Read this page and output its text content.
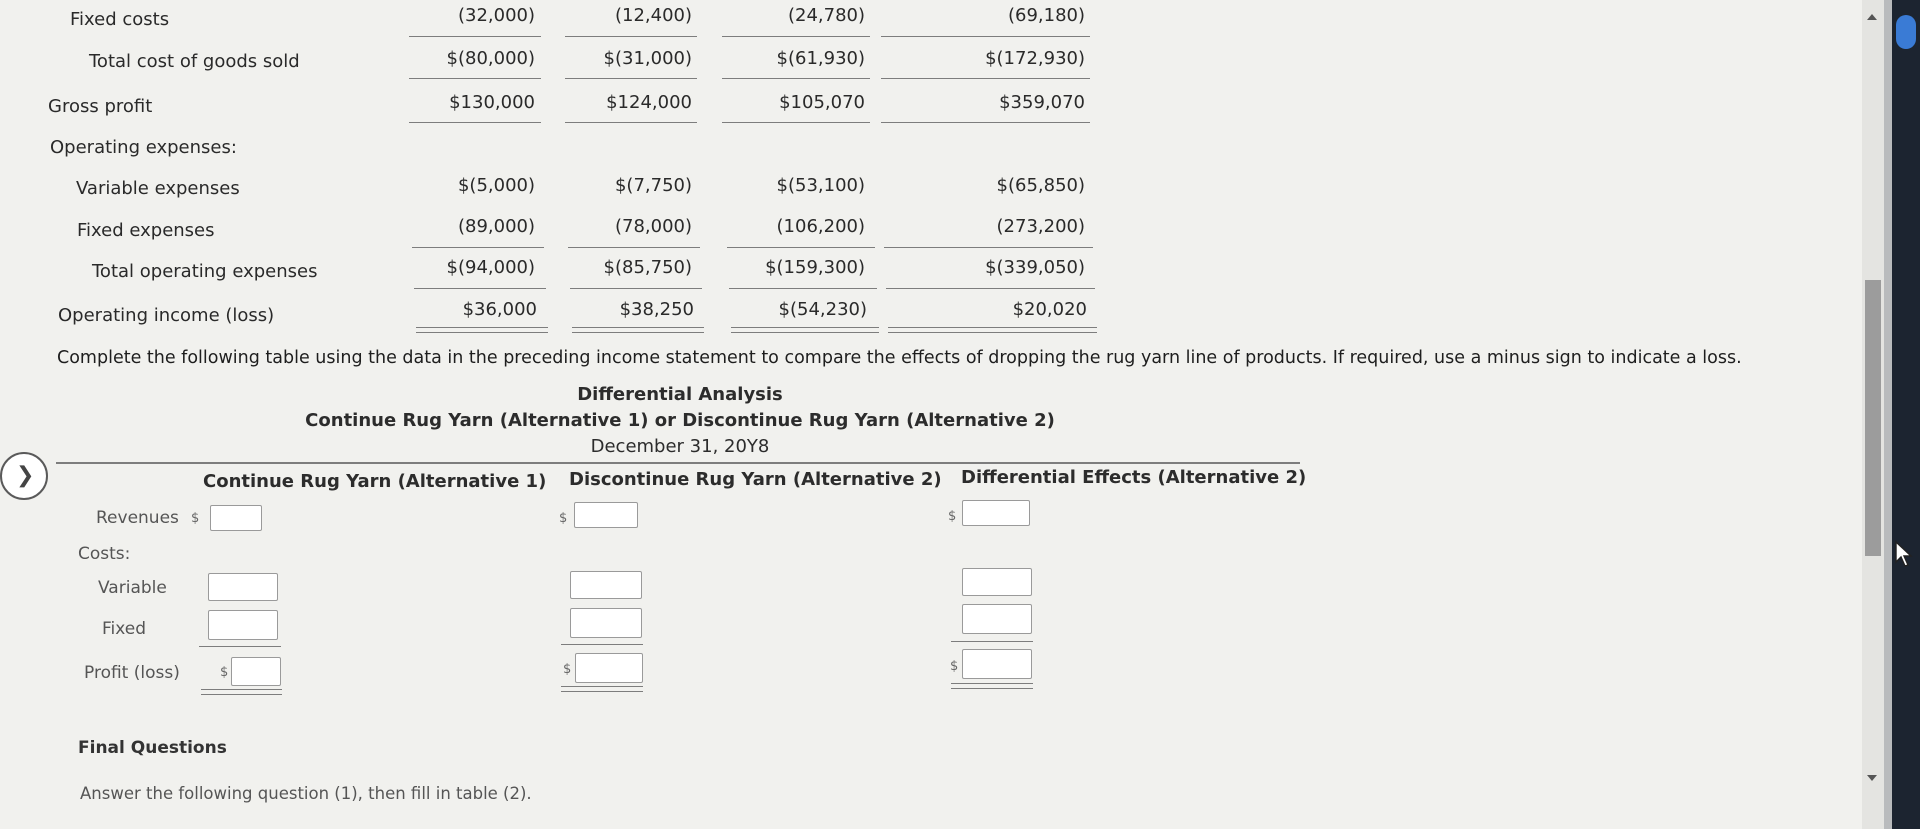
Fixed costs	(32,000)	(12,400)	(24,780)	(69,180)
Total cost of goods sold	$(80,000)	$(31,000)	$(61,930)	$(172,930)
Gross profit	$130,000	$124,000	$105,070	$359,070
Operating expenses:
Variable expenses	$(5,000)	$(7,750)	$(53,100)	$(65,850)
Fixed expenses	(89,000)	(78,000)	(106,200)	(273,200)
Total operating expenses	$(94,000)	$(85,750)	$(159,300)	$(339,050)
Operating income (loss)	$36,000	$38,250	$(54,230)	$20,020
Complete the following table using the data in the preceding income statement to compare the effects of dropping the rug yarn line of products. If required, use a minus sign to indicate a loss.
Differential Analysis
Continue Rug Yarn (Alternative 1) or Discontinue Rug Yarn (Alternative 2)
December 31, 20Y8
Continue Rug Yarn (Alternative 1) Discontinue Rug Yarn (Alternative 2) Differential Effects (Alternative 2)
Revenues $	$	$
Costs:
Variable
Fixed
Profit (loss)	$	$	$
Final Questions
Answer the following question (1), then fill in table (2).
❯
